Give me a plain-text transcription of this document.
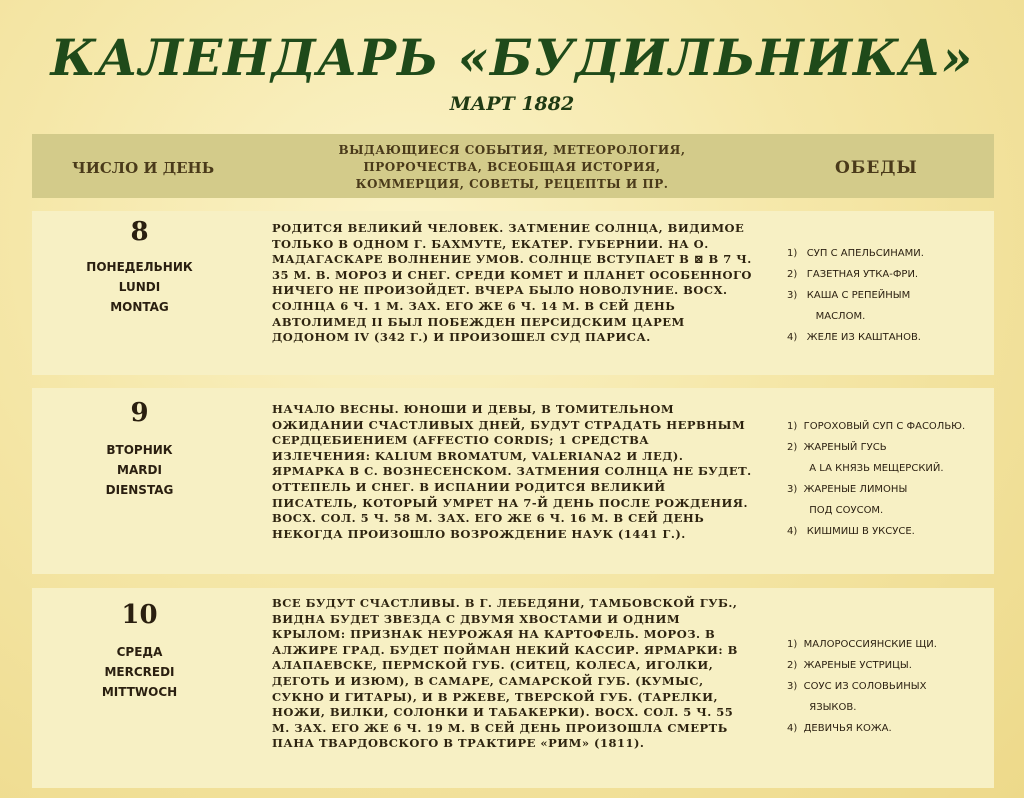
КАЛЕНДАРЬ «БУДИЛЬНИКА»
МАРТ 1882
ЧИСЛО И ДЕНЬ
ВЫДАЮЩИЕСЯ СОБЫТИЯ, МЕТЕОРОЛОГИЯ, ПРОРОЧЕСТВА, ВСЕОБЩАЯ ИСТОРИЯ, КОММЕРЦИЯ, СОВЕТЫ, РЕЦЕПТЫ И ПР.
ОБЕДЫ
8
ПОНЕДЕЛЬНИК
LUNDI
MONTAG
РОДИТСЯ ВЕЛИКИЙ ЧЕЛОВЕК. ЗАТМЕНИЕ СОЛНЦА, ВИДИМОЕ ТОЛЬКО В ОДНОМ Г. БАХМУТЕ, ЕКАТЕР. ГУБЕРНИИ. НА О. МАДАГАСКАРЕ ВОЛНЕНИЕ УМОВ. СОЛНЦЕ ВСТУПАЕТ В ⊠ В 7 Ч. 35 М. В. МОРОЗ И СНЕГ. СРЕДИ КОМЕТ И ПЛАНЕТ ОСОБЕННОГО НИЧЕГО НЕ ПРОИЗОЙДЕТ. ВЧЕРА БЫЛО НОВОЛУНИЕ. ВОСХ. СОЛНЦА 6 Ч. 1 М. ЗАХ. ЕГО ЖЕ 6 Ч. 14 М. В СЕЙ ДЕНЬ АВТОЛИМЕД II БЫЛ ПОБЕЖДЕН ПЕРСИДСКИМ ЦАРЕМ ДОДОНОМ IV (342 Г.) И ПРОИЗОШЕЛ СУД ПАРИСА.
1)   СУП С АПЕЛЬСИНАМИ.
2)   ГАЗЕТНАЯ УТКА-ФРИ.
3)   КАША С РЕПЕЙНЫМ
МАСЛОМ.
4)   ЖЕЛЕ ИЗ КАШТАНОВ.
9
ВТОРНИК
MARDI
DIENSTAG
НАЧАЛО ВЕСНЫ. ЮНОШИ И ДЕВЫ, В ТОМИТЕЛЬНОМ ОЖИДАНИИ СЧАСТЛИВЫХ ДНЕЙ, БУДУТ СТРАДАТЬ НЕРВНЫМ СЕРДЦЕБИЕНИЕМ (AFFECTIO CORDIS; 1 СРЕДСТВА ИЗЛЕЧЕНИЯ: KALIUM BROMATUM, VALERIANA2 И ЛЕД). ЯРМАРКА В С. ВОЗНЕСЕНСКОМ. ЗАТМЕНИЯ СОЛНЦА НЕ БУДЕТ. ОТТЕПЕЛЬ И СНЕГ. В ИСПАНИИ РОДИТСЯ ВЕЛИКИЙ ПИСАТЕЛЬ, КОТОРЫЙ УМРЕТ НА 7-Й ДЕНЬ ПОСЛЕ РОЖДЕНИЯ. ВОСХ. СОЛ. 5 Ч. 58 М. ЗАХ. ЕГО ЖЕ 6 Ч. 16 М. В СЕЙ ДЕНЬ НЕКОГДА ПРОИЗОШЛО ВОЗРОЖДЕНИЕ НАУК (1441 Г.).
1)  ГОРОХОВЫЙ СУП С ФАСОЛЬЮ.
2)  ЖАРЕНЫЙ ГУСЬ
А LA КНЯЗЬ МЕЩЕРСКИЙ.
3)  ЖАРЕНЫЕ ЛИМОНЫ
ПОД СОУСОМ.
4)   КИШМИШ В УКСУСЕ.
10
СРЕДА
MERCREDI
MITTWOCH
ВСЕ БУДУТ СЧАСТЛИВЫ. В Г. ЛЕБЕДЯНИ, ТАМБОВСКОЙ ГУБ., ВИДНА БУДЕТ ЗВЕЗДА С ДВУМЯ ХВОСТАМИ И ОДНИМ КРЫЛОМ: ПРИЗНАК НЕУРОЖАЯ НА КАРТОФЕЛЬ. МОРОЗ. В АЛЖИРЕ ГРАД. БУДЕТ ПОЙМАН НЕКИЙ КАССИР. ЯРМАРКИ: В АЛАПАЕВСКЕ, ПЕРМСКОЙ ГУБ. (СИТЕЦ, КОЛЕСА, ИГОЛКИ, ДЕГОТЬ И ИЗЮМ), В САМАРЕ, САМАРСКОЙ ГУБ. (КУМЫС, СУКНО И ГИТАРЫ), И В РЖЕВЕ, ТВЕРСКОЙ ГУБ. (ТАРЕЛКИ, НОЖИ, ВИЛКИ, СОЛОНКИ И ТАБАКЕРКИ). ВОСХ. СОЛ. 5 Ч. 55 М. ЗАХ. ЕГО ЖЕ 6 Ч. 19 М. В СЕЙ ДЕНЬ ПРОИЗОШЛА СМЕРТЬ ПАНА ТВАРДОВСКОГО В ТРАКТИРЕ «РИМ» (1811).
1)  МАЛОРОССИЯНСКИЕ ЩИ.
2)  ЖАРЕНЫЕ УСТРИЦЫ.
3)  СОУС ИЗ СОЛОВЬИНЫХ
ЯЗЫКОВ.
4)  ДЕВИЧЬЯ КОЖА.
